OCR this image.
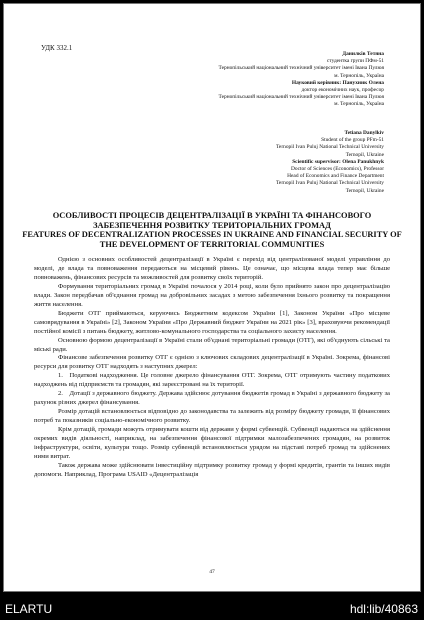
УДК 332.1
Данилків Тетяна
студентка групи ПФм-51
Тернопільський національний технічний університет імені Івана Пулюя
м. Тернопіль, Україна
Науковий керівник: Панухник Олена
доктор економічних наук, професор
Тернопільський національний технічний університет імені Івана Пулюя
м. Тернопіль, Україна
Tetiana Danylkiv
Student of the group PFm-51
Ternopil Ivan Puluj National Technical University
Ternopil, Ukraine
Scientific supervisor: Olena Panukhnyk
Doctor of Sciences (Economics), Professor
Head of Economics and Finance Department
Ternopil Ivan Puluj National Technical University
Ternopil, Ukraine
ОСОБЛИВОСТІ ПРОЦЕСІВ ДЕЦЕНТРАЛІЗАЦІЇ В УКРАЇНІ ТА ФІНАНСОВОГО ЗАБЕЗПЕЧЕННЯ РОЗВИТКУ ТЕРИТОРІАЛЬНИХ ГРОМАД
FEATURES OF DECENTRALIZATION PROCESSES IN UKRAINE AND FINANCIAL SECURITY OF THE DEVELOPMENT OF TERRITORIAL COMMUNITIES

Однією з основних особливостей децентралізації в Україні є перехід від централізованої моделі управління до моделі, де влада та повноваження передаються на місцевий рівень. Це означає, що місцева влада тепер має більше повноважень, фінансових ресурсів та можливостей для розвитку своїх територій.

Формування територіальних громад в Україні почалося у 2014 році, коли було прийнято закон про децентралізацію влади. Закон передбачав об'єднання громад на добровільних засадах з метою забезпечення їхнього розвитку та покращення життя населення.

Бюджети ОТГ приймаються, керуючись Бюджетним кодексом України [1], Законом України «Про місцеве самоврядування в Україні» [2], Законом України «Про Державний бюджет України на 2021 рік» [3], враховуючи рекомендації постійної комісії з питань бюджету, житлово-комунального господарства та соціального захисту населення.

Основною формою децентралізації в Україні стали об'єднані територіальні громади (ОТГ), які об'єднують сільські та міські ради.

Фінансове забезпечення розвитку ОТГ є однією з ключових складових децентралізації в Україні. Зокрема, фінансові ресурси для розвитку ОТГ надходять з наступних джерел:

1. Податкові надходження. Це головне джерело фінансування ОТГ. Зокрема, ОТГ отримують частину податкових надходжень від підприємств та громадян, які зареєстровані на їх території.

2. Дотації з державного бюджету. Держава здійснює дотування бюджетів громад в Україні з державного бюджету за рахунок різних джерел фінансування.

Розмір дотацій встановлюється відповідно до законодавства та залежить від розміру бюджету громади, її фінансових потреб та показників соціально-економічного розвитку.

Крім дотацій, громади можуть отримувати кошти від держави у формі субвенцій. Субвенції надаються на здійснення окремих видів діяльності, наприклад, на забезпечення фінансової підтримки малозабезпечених громадян, на розвиток інфраструктури, освіти, культури тощо. Розмір субвенцій встановлюється урядом на підставі потреб громад та здійснених ними витрат.

Також держава може здійснювати інвестиційну підтримку розвитку громад у формі кредитів, грантів та інших видів допомоги. Наприклад, Програма USAID «Децентралізація

47
ELARTU	hdl:lib/40863
